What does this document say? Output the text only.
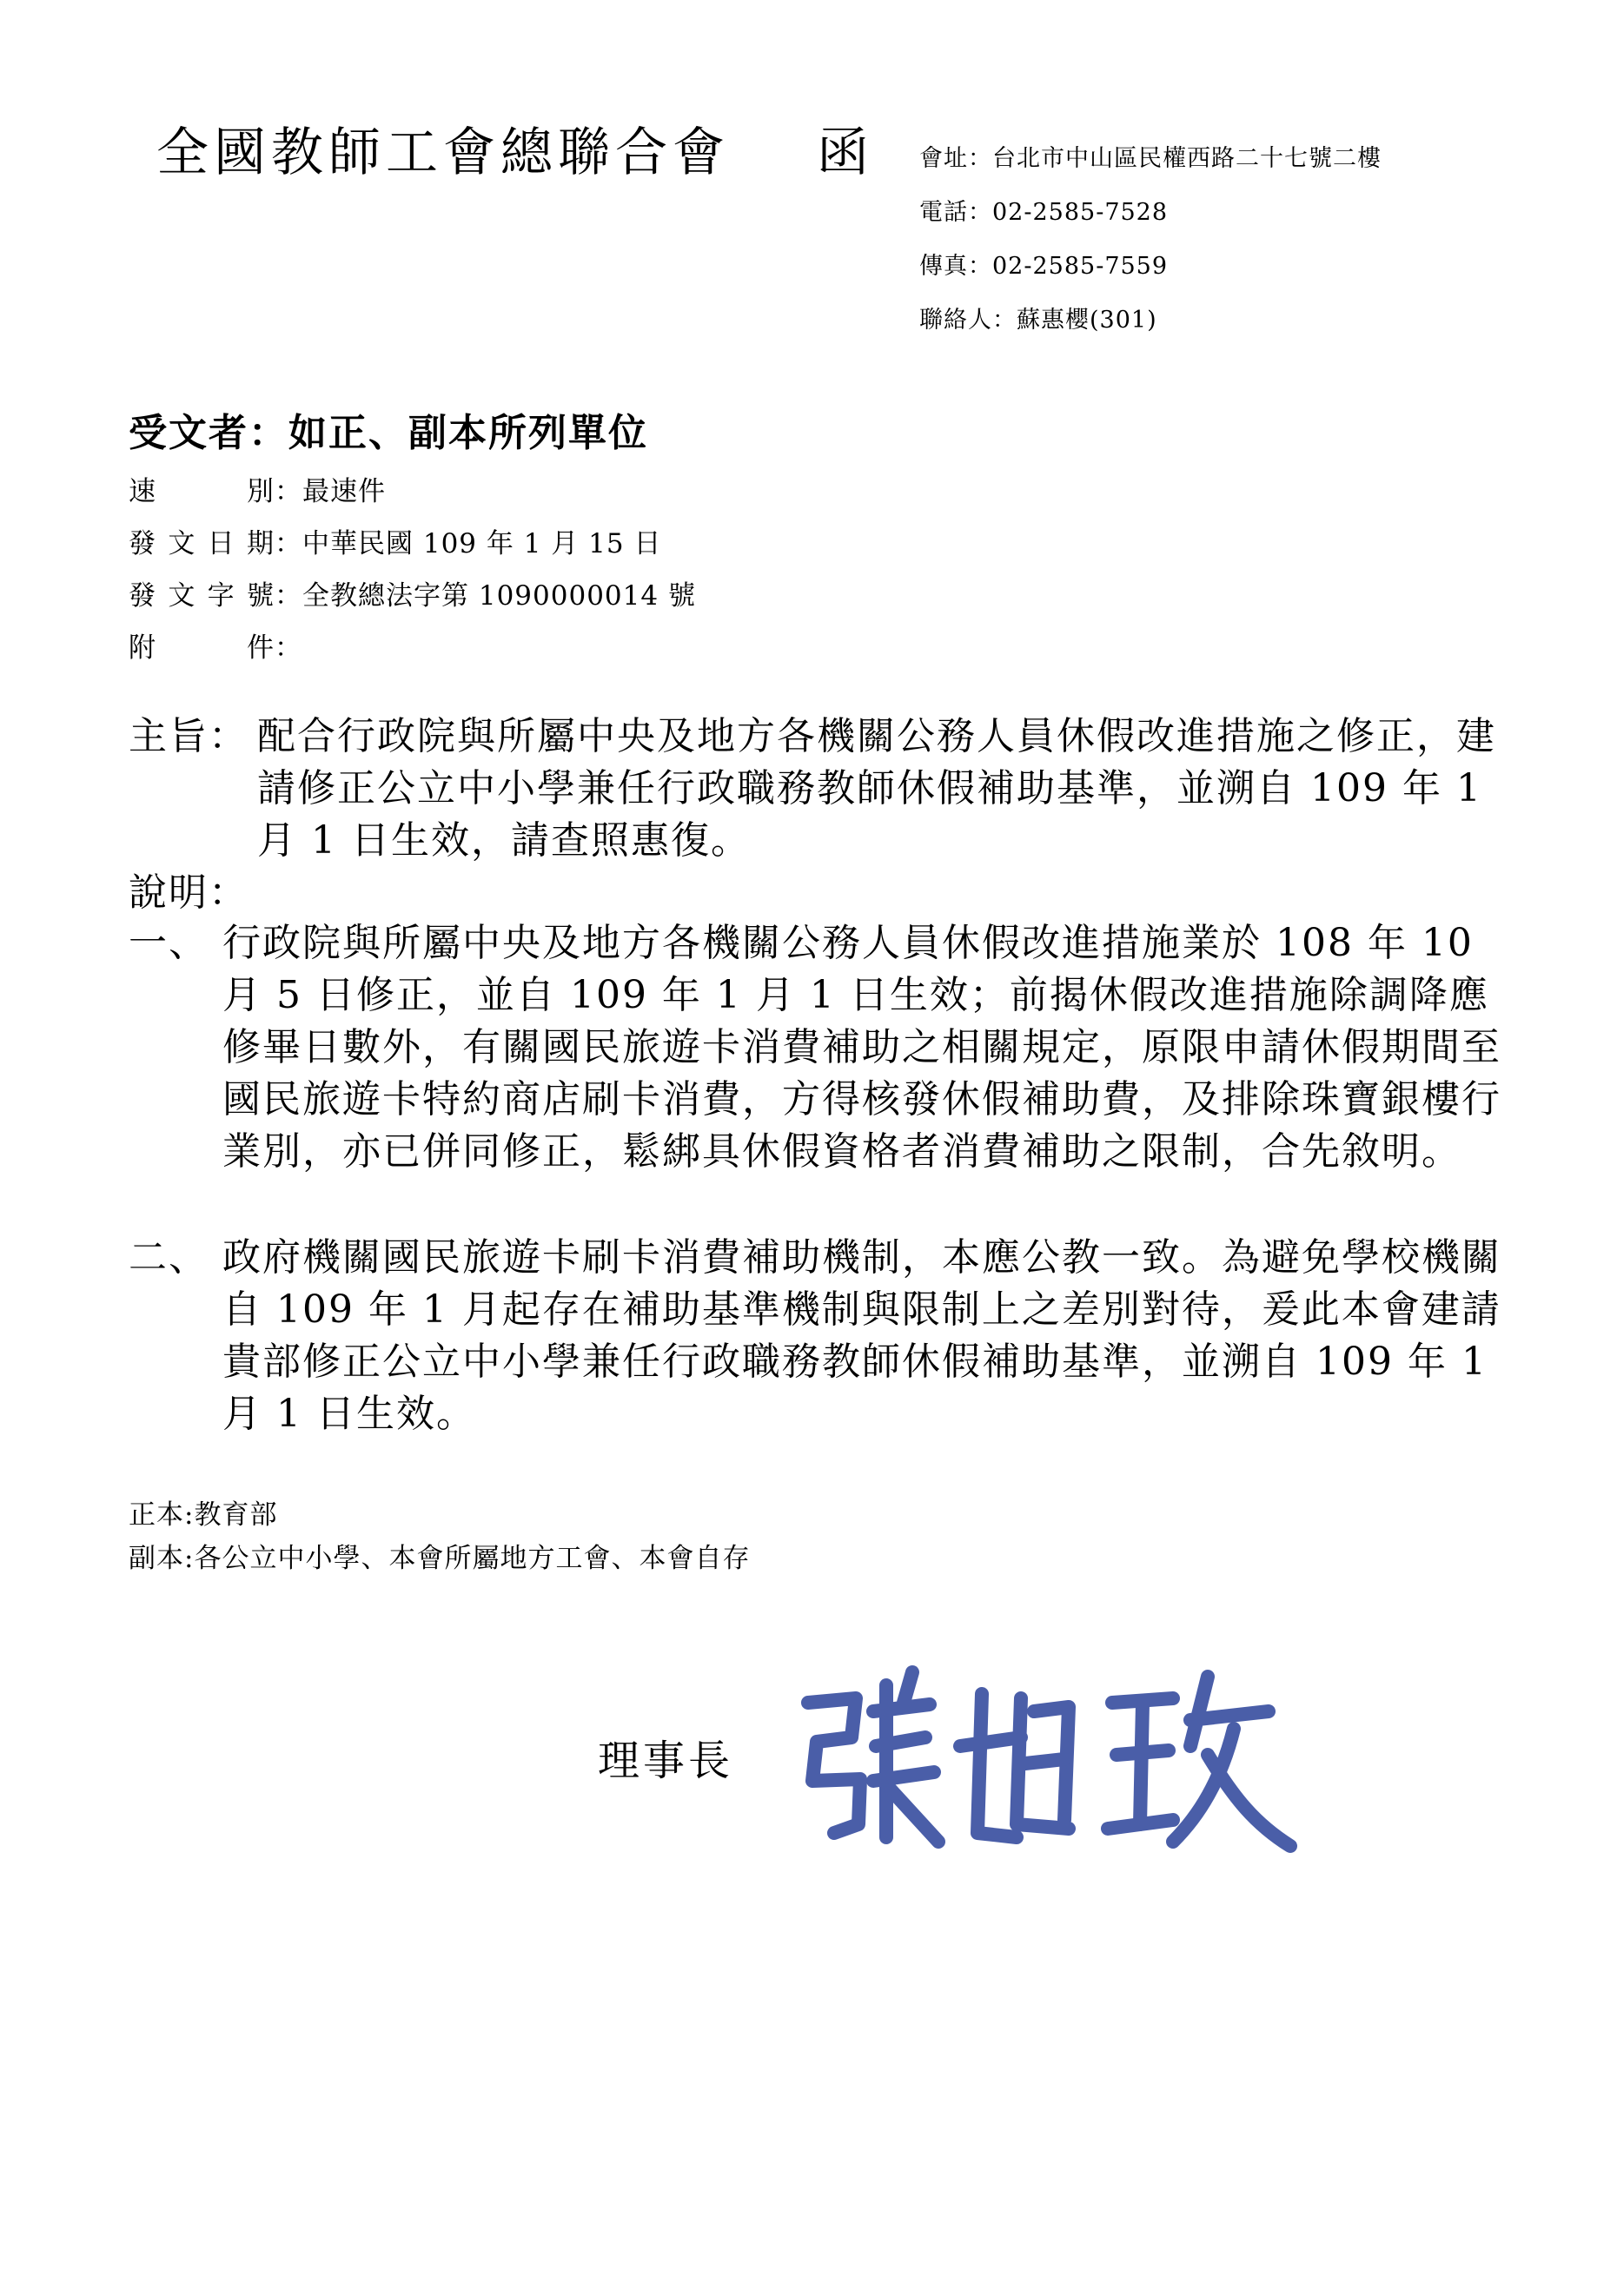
全國教師工會總聯合會 函 會址：台北市中山區民權西路二十七號二樓
電話：02-2585-7528
傳真：02-2585-7559
聯絡人：蘇惠櫻(301)
受文者：如正、副本所列單位
速別：最速件
發文日期：中華民國 109 年 1 月 15 日
發文字號：全教總法字第 1090000014 號
附件：
主旨： 配合行政院與所屬中央及地方各機關公務人員休假改進措施之修正，建請修正公立中小學兼任行政職務教師休假補助基準，並溯自 109 年 1 月 1 日生效，請查照惠復。
說明：
一、 行政院與所屬中央及地方各機關公務人員休假改進措施業於 108 年 10 月 5 日修正，並自 109 年 1 月 1 日生效；前揭休假改進措施除調降應修畢日數外，有關國民旅遊卡消費補助之相關規定，原限申請休假期間至國民旅遊卡特約商店刷卡消費，方得核發休假補助費，及排除珠寶銀樓行業別，亦已併同修正，鬆綁具休假資格者消費補助之限制，合先敘明。
二、 政府機關國民旅遊卡刷卡消費補助機制，本應公教一致。為避免學校機關自 109 年 1 月起存在補助基準機制與限制上之差別對待，爰此本會建請貴部修正公立中小學兼任行政職務教師休假補助基準，並溯自 109 年 1 月 1 日生效。
正本:教育部
副本:各公立中小學、本會所屬地方工會、本會自存
理事長
